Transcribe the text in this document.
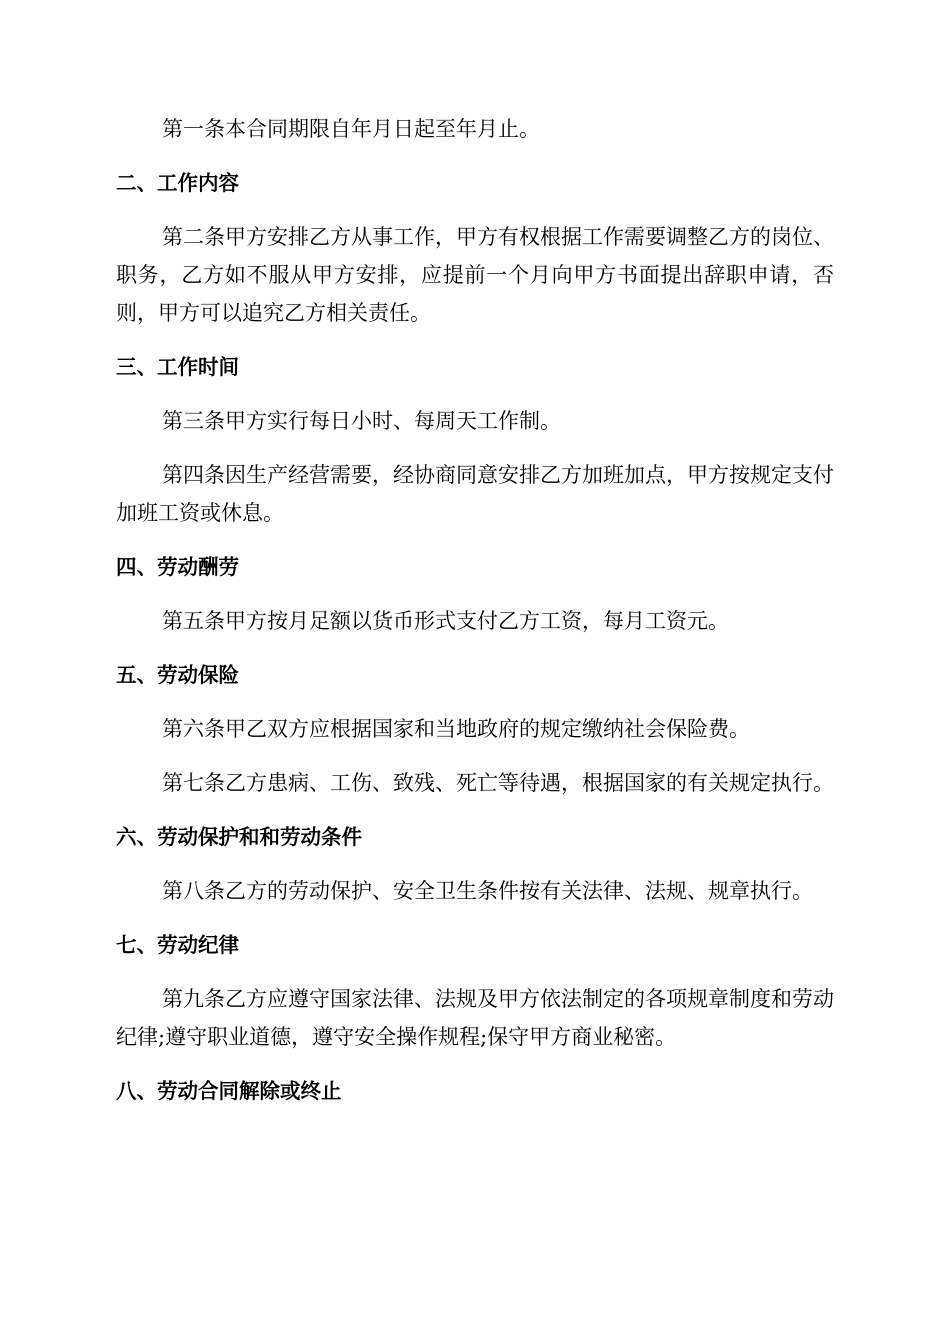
第一条本合同期限自年月日起至年月止。

二、工作内容

第二条甲方安排乙方从事工作，甲方有权根据工作需要调整乙方的岗位、职务，乙方如不服从甲方安排，应提前一个月向甲方书面提出辞职申请，否则，甲方可以追究乙方相关责任。

三、工作时间

第三条甲方实行每日小时、每周天工作制。

第四条因生产经营需要，经协商同意安排乙方加班加点，甲方按规定支付加班工资或休息。

四、劳动酬劳

第五条甲方按月足额以货币形式支付乙方工资，每月工资元。

五、劳动保险

第六条甲乙双方应根据国家和当地政府的规定缴纳社会保险费。

第七条乙方患病、工伤、致残、死亡等待遇，根据国家的有关规定执行。

六、劳动保护和和劳动条件

第八条乙方的劳动保护、安全卫生条件按有关法律、法规、规章执行。

七、劳动纪律

第九条乙方应遵守国家法律、法规及甲方依法制定的各项规章制度和劳动纪律;遵守职业道德，遵守安全操作规程;保守甲方商业秘密。

八、劳动合同解除或终止
